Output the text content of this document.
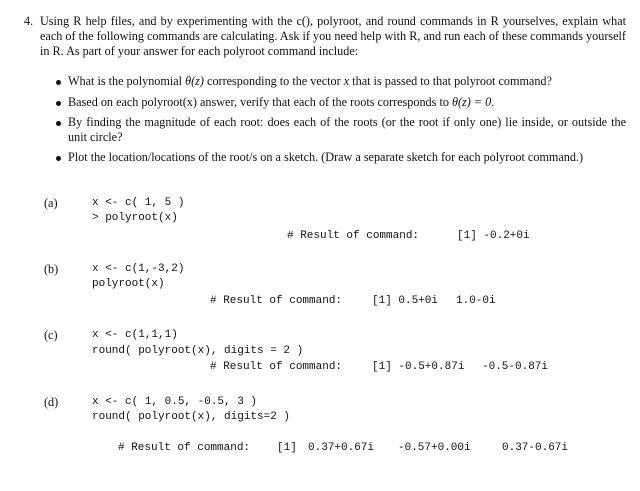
4. Using R help files, and by experimenting with the c(), polyroot, and round commands in R yourselves, explain what each of the following commands are calculating. Ask if you need help with R, and run each of these commands yourself in R. As part of your answer for each polyroot command include:
What is the polynomial θ(z) corresponding to the vector x that is passed to that polyroot command?
Based on each polyroot(x) answer, verify that each of the roots corresponds to θ(z) = 0.
By finding the magnitude of each root: does each of the roots (or the root if only one) lie inside, or outside the unit circle?
Plot the location/locations of the root/s on a sketch. (Draw a separate sketch for each polyroot command.)
(a)	x <- c( 1, 5 )
> polyroot(x)
# Result of command:	[1] -0.2+0i
(b)	x <- c(1,-3,2)
polyroot(x)
# Result of command:	[1] 0.5+0i 1.0-0i
(c)	x <- c(1,1,1)
round( polyroot(x), digits = 2 )
# Result of command:	[1] -0.5+0.87i -0.5-0.87i
(d)	x <- c( 1, 0.5, -0.5, 3 )
round( polyroot(x), digits=2 )
# Result of command: [1] 0.37+0.67i -0.57+0.00i	0.37-0.67i
